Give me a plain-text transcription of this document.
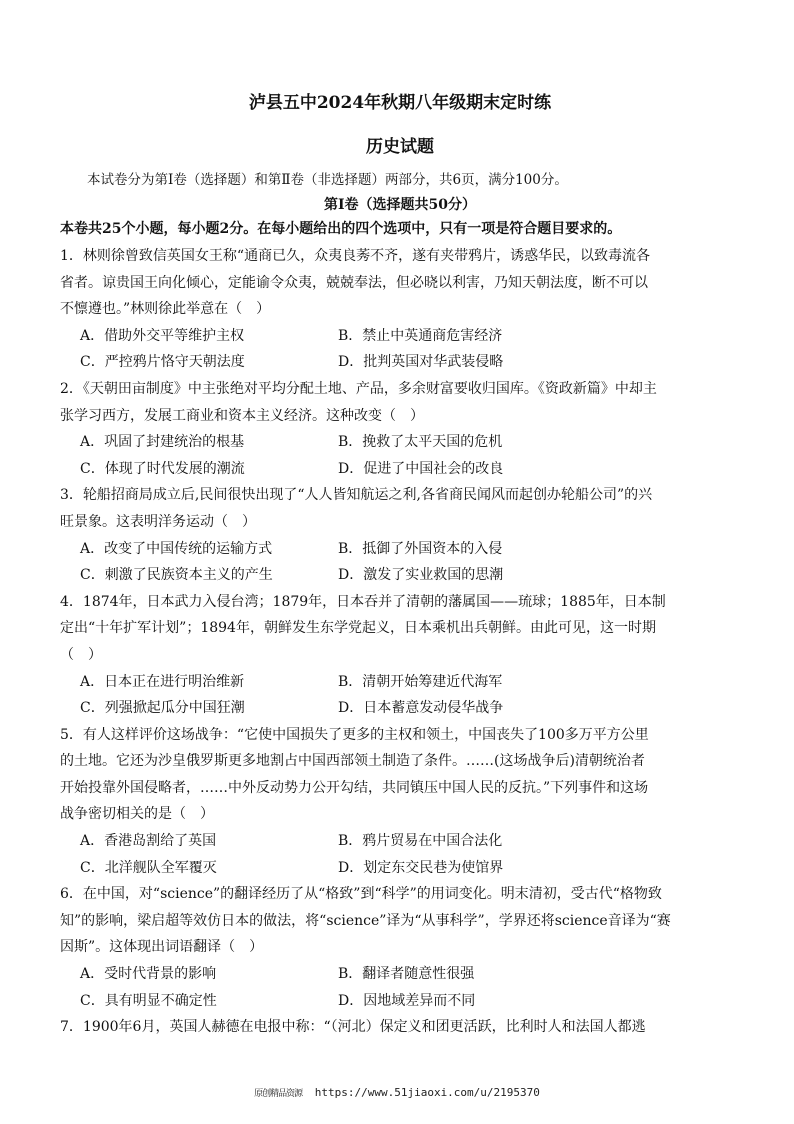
泸县五中2024年秋期八年级期末定时练
历史试题
本试卷分为第Ⅰ卷（选择题）和第Ⅱ卷（非选择题）两部分，共6页，满分100分。
第Ⅰ卷（选择题共50分）
本卷共25个小题，每小题2分。在每小题给出的四个选项中，只有一项是符合题目要求的。
1．林则徐曾致信英国女王称“通商已久，众夷良莠不齐，遂有夹带鸦片，诱惑华民，以致毒流各
省者。谅贵国王向化倾心，定能谕令众夷，兢兢奉法，但必晓以利害，乃知天朝法度，断不可以
不懔遵也。”林则徐此举意在（　）
A．借助外交平等维护主权	B．禁止中英通商危害经济
C．严控鸦片恪守天朝法度	D．批判英国对华武装侵略
2．《天朝田亩制度》中主张绝对平均分配土地、产品，多余财富要收归国库。《资政新篇》中却主
张学习西方，发展工商业和资本主义经济。这种改变（　）
A．巩固了封建统治的根基	B．挽救了太平天国的危机
C．体现了时代发展的潮流	D．促进了中国社会的改良
3．轮船招商局成立后,民间很快出现了“人人皆知航运之利,各省商民闻风而起创办轮船公司”的兴
旺景象。这表明洋务运动（　）
A．改变了中国传统的运输方式	B．抵御了外国资本的入侵
C．刺激了民族资本主义的产生	D．激发了实业救国的思潮
4．1874年，日本武力入侵台湾；1879年，日本吞并了清朝的藩属国——琉球；1885年，日本制
定出“十年扩军计划”；1894年，朝鲜发生东学党起义，日本乘机出兵朝鲜。由此可见，这一时期
（　）
A．日本正在进行明治维新	B．清朝开始筹建近代海军
C．列强掀起瓜分中国狂潮	D．日本蓄意发动侵华战争
5．有人这样评价这场战争：“它使中国损失了更多的主权和领土，中国丧失了100多万平方公里
的土地。它还为沙皇俄罗斯更多地割占中国西部领土制造了条件。……(这场战争后)清朝统治者
开始投靠外国侵略者，……中外反动势力公开勾结，共同镇压中国人民的反抗。”下列事件和这场
战争密切相关的是（　）
A．香港岛割给了英国	B．鸦片贸易在中国合法化
C．北洋舰队全军覆灭	D．划定东交民巷为使馆界
6．在中国，对“science”的翻译经历了从“格致”到“科学”的用词变化。明末清初，受古代“格物致
知”的影响，梁启超等效仿日本的做法，将“science”译为“从事科学”，学界还将science音译为“赛
因斯”。这体现出词语翻译（　）
A．受时代背景的影响	B．翻译者随意性很强
C．具有明显不确定性	D．因地域差异而不同
7．1900年6月，英国人赫德在电报中称：“（河北）保定义和团更活跃，比利时人和法国人都逃
原创精品资源 https://www.51jiaoxi.com/u/2195370
